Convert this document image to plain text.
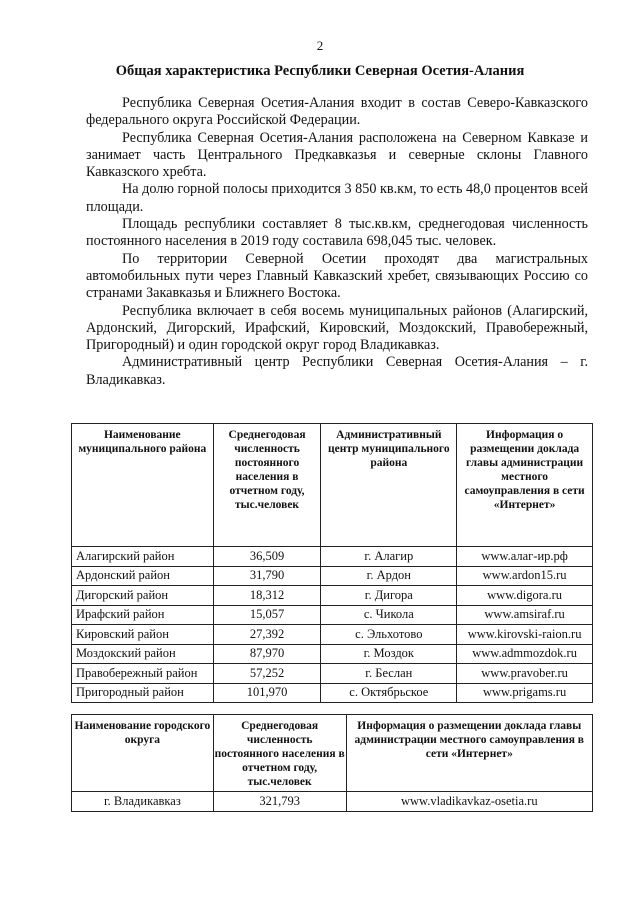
2
Общая характеристика Республики Северная Осетия-Алания

Республика Северная Осетия-Алания входит в состав Северо-Кавказского федерального округа Российской Федерации.

Республика Северная Осетия-Алания расположена на Северном Кавказе и занимает часть Центрального Предкавказья и северные склоны Главного Кавказского хребта.

На долю горной полосы приходится 3 850 кв.км, то есть 48,0 процентов всей площади.

Площадь республики составляет 8 тыс.кв.км, среднегодовая численность постоянного населения в 2019 году составила 698,045 тыс. человек.

По территории Северной Осетии проходят два магистральных автомобильных пути через Главный Кавказский хребет, связывающих Россию со странами Закавказья и Ближнего Востока.

Республика включает в себя восемь муниципальных районов (Алагирский, Ардонский, Дигорский, Ирафский, Кировский, Моздокский, Правобережный, Пригородный) и один городской округ город Владикавказ.

Административный центр Республики Северная Осетия-Алания – г. Владикавказ.

Наименование муниципального района	Среднегодовая численность постоянного населения в отчетном году, тыс.человек	Административный центр муниципального района	Информация о размещении доклада главы администрации местного самоуправления в сети «Интернет»
Алагирский район	36,509	г. Алагир	www.алаг-ир.рф
Ардонский район	31,790	г. Ардон	www.ardon15.ru
Дигорский район	18,312	г. Дигора	www.digora.ru
Ирафский район	15,057	с. Чикола	www.amsiraf.ru
Кировский район	27,392	с. Эльхотово	www.kirovski-raion.ru
Моздокский район	87,970	г. Моздок	www.admmozdok.ru
Правобережный район	57,252	г. Беслан	www.pravober.ru
Пригородный район	101,970	с. Октябрьское	www.prigams.ru
Наименование городского округа	Среднегодовая численность постоянного населения в отчетном году, тыс.человек	Информация о размещении доклада главы администрации местного самоуправления в сети «Интернет»
г. Владикавказ	321,793	www.vladikavkaz-osetia.ru
